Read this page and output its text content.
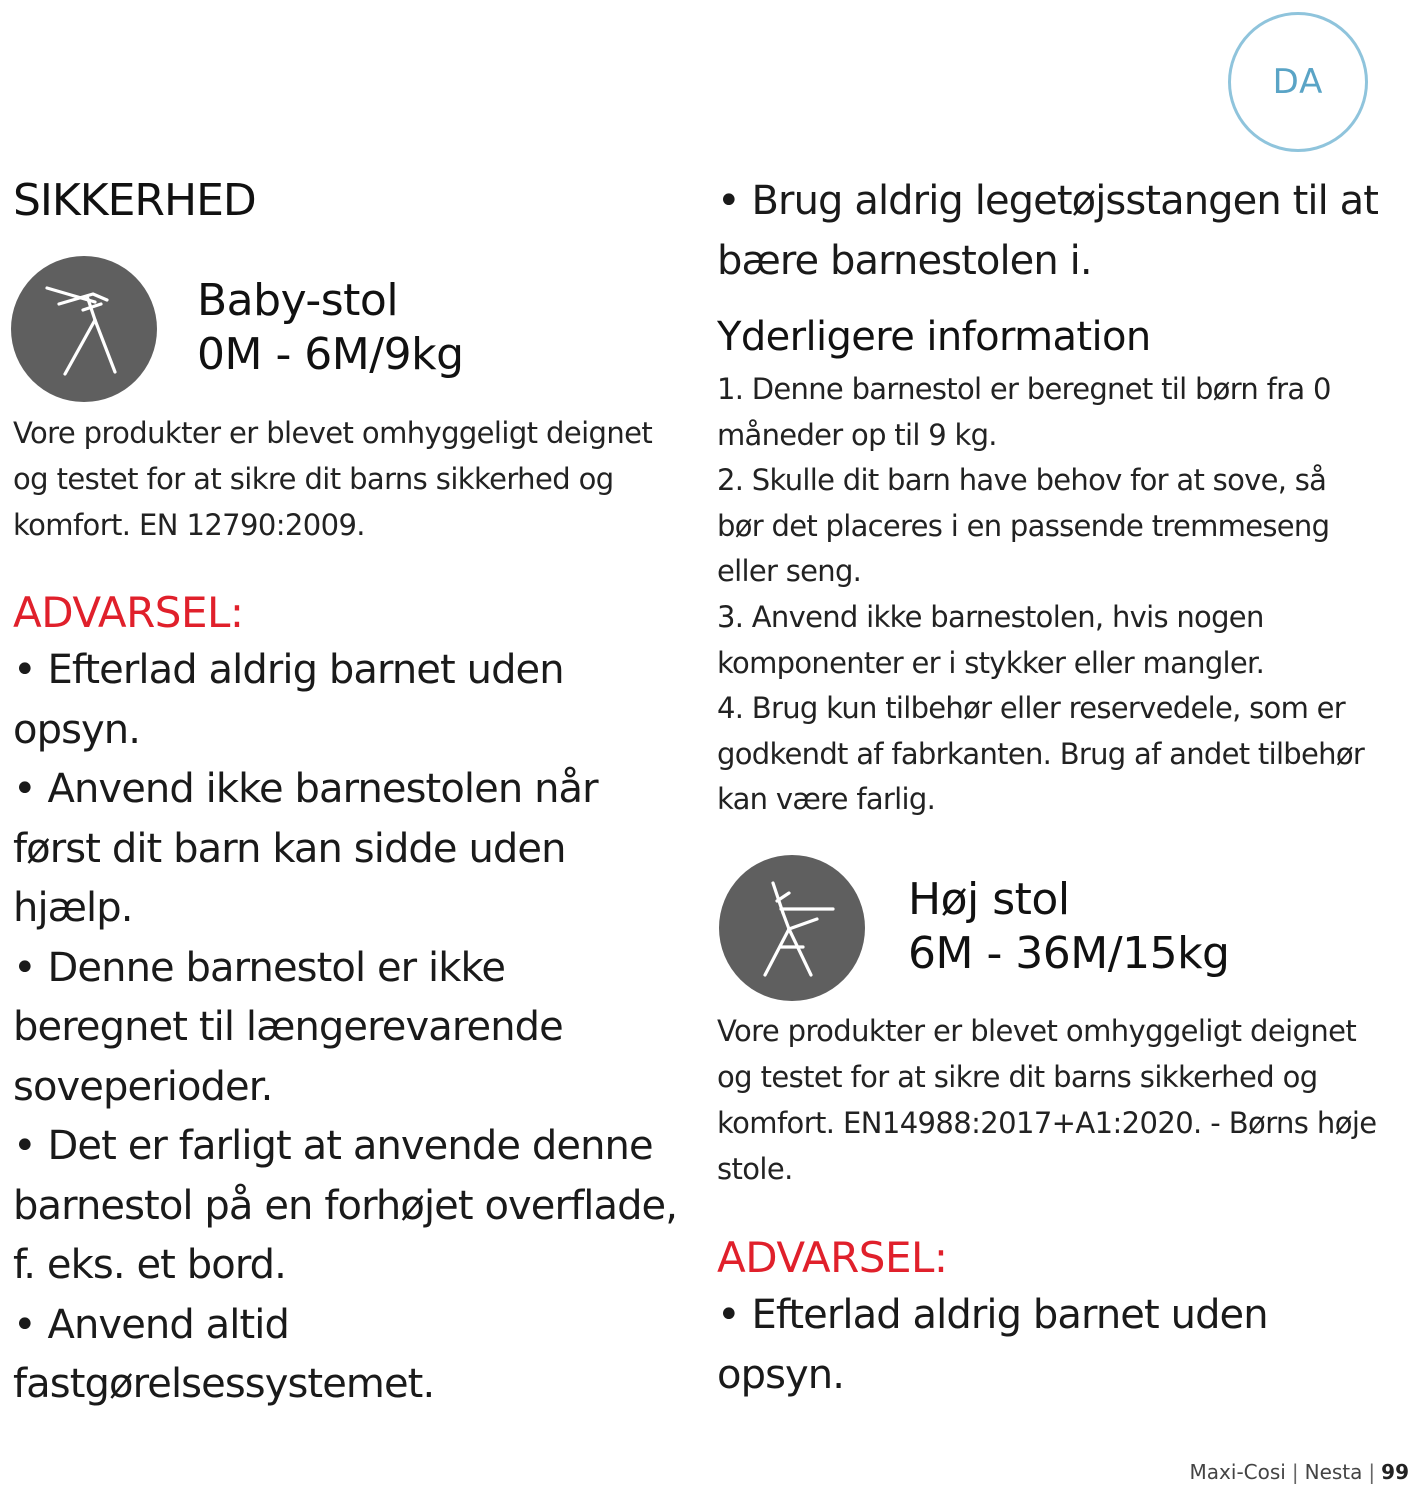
DA
SIKKERHED
Baby-stol
0M - 6M/9kg
Vore produkter er blevet omhyggeligt deignet og testet for at sikre dit barns sikkerhed og komfort. EN 12790:2009.
ADVARSEL:

• Efterlad aldrig barnet uden opsyn.

• Anvend ikke barnestolen når først dit barn kan sidde uden hjælp.

• Denne barnestol er ikke beregnet til længerevarende soveperioder.

• Det er farligt at anvende denne barnestol på en forhøjet overflade, f. eks. et bord.

• Anvend altid fastgørelsessystemet.

• Brug aldrig legetøjsstangen til at bære barnestolen i.

Yderligere information

1. Denne barnestol er beregnet til børn fra 0 måneder op til 9 kg.

2. Skulle dit barn have behov for at sove, så bør det placeres i en passende tremmeseng eller seng.

3. Anvend ikke barnestolen, hvis nogen komponenter er i stykker eller mangler.

4. Brug kun tilbehør eller reservedele, som er godkendt af fabrkanten. Brug af andet tilbehør kan være farlig.

Høj stol
6M - 36M/15kg
Vore produkter er blevet omhyggeligt deignet og testet for at sikre dit barns sikkerhed og komfort. EN14988:2017+A1:2020. - Børns høje stole.
ADVARSEL:

• Efterlad aldrig barnet uden opsyn.

Maxi-Cosi | Nesta | 99
